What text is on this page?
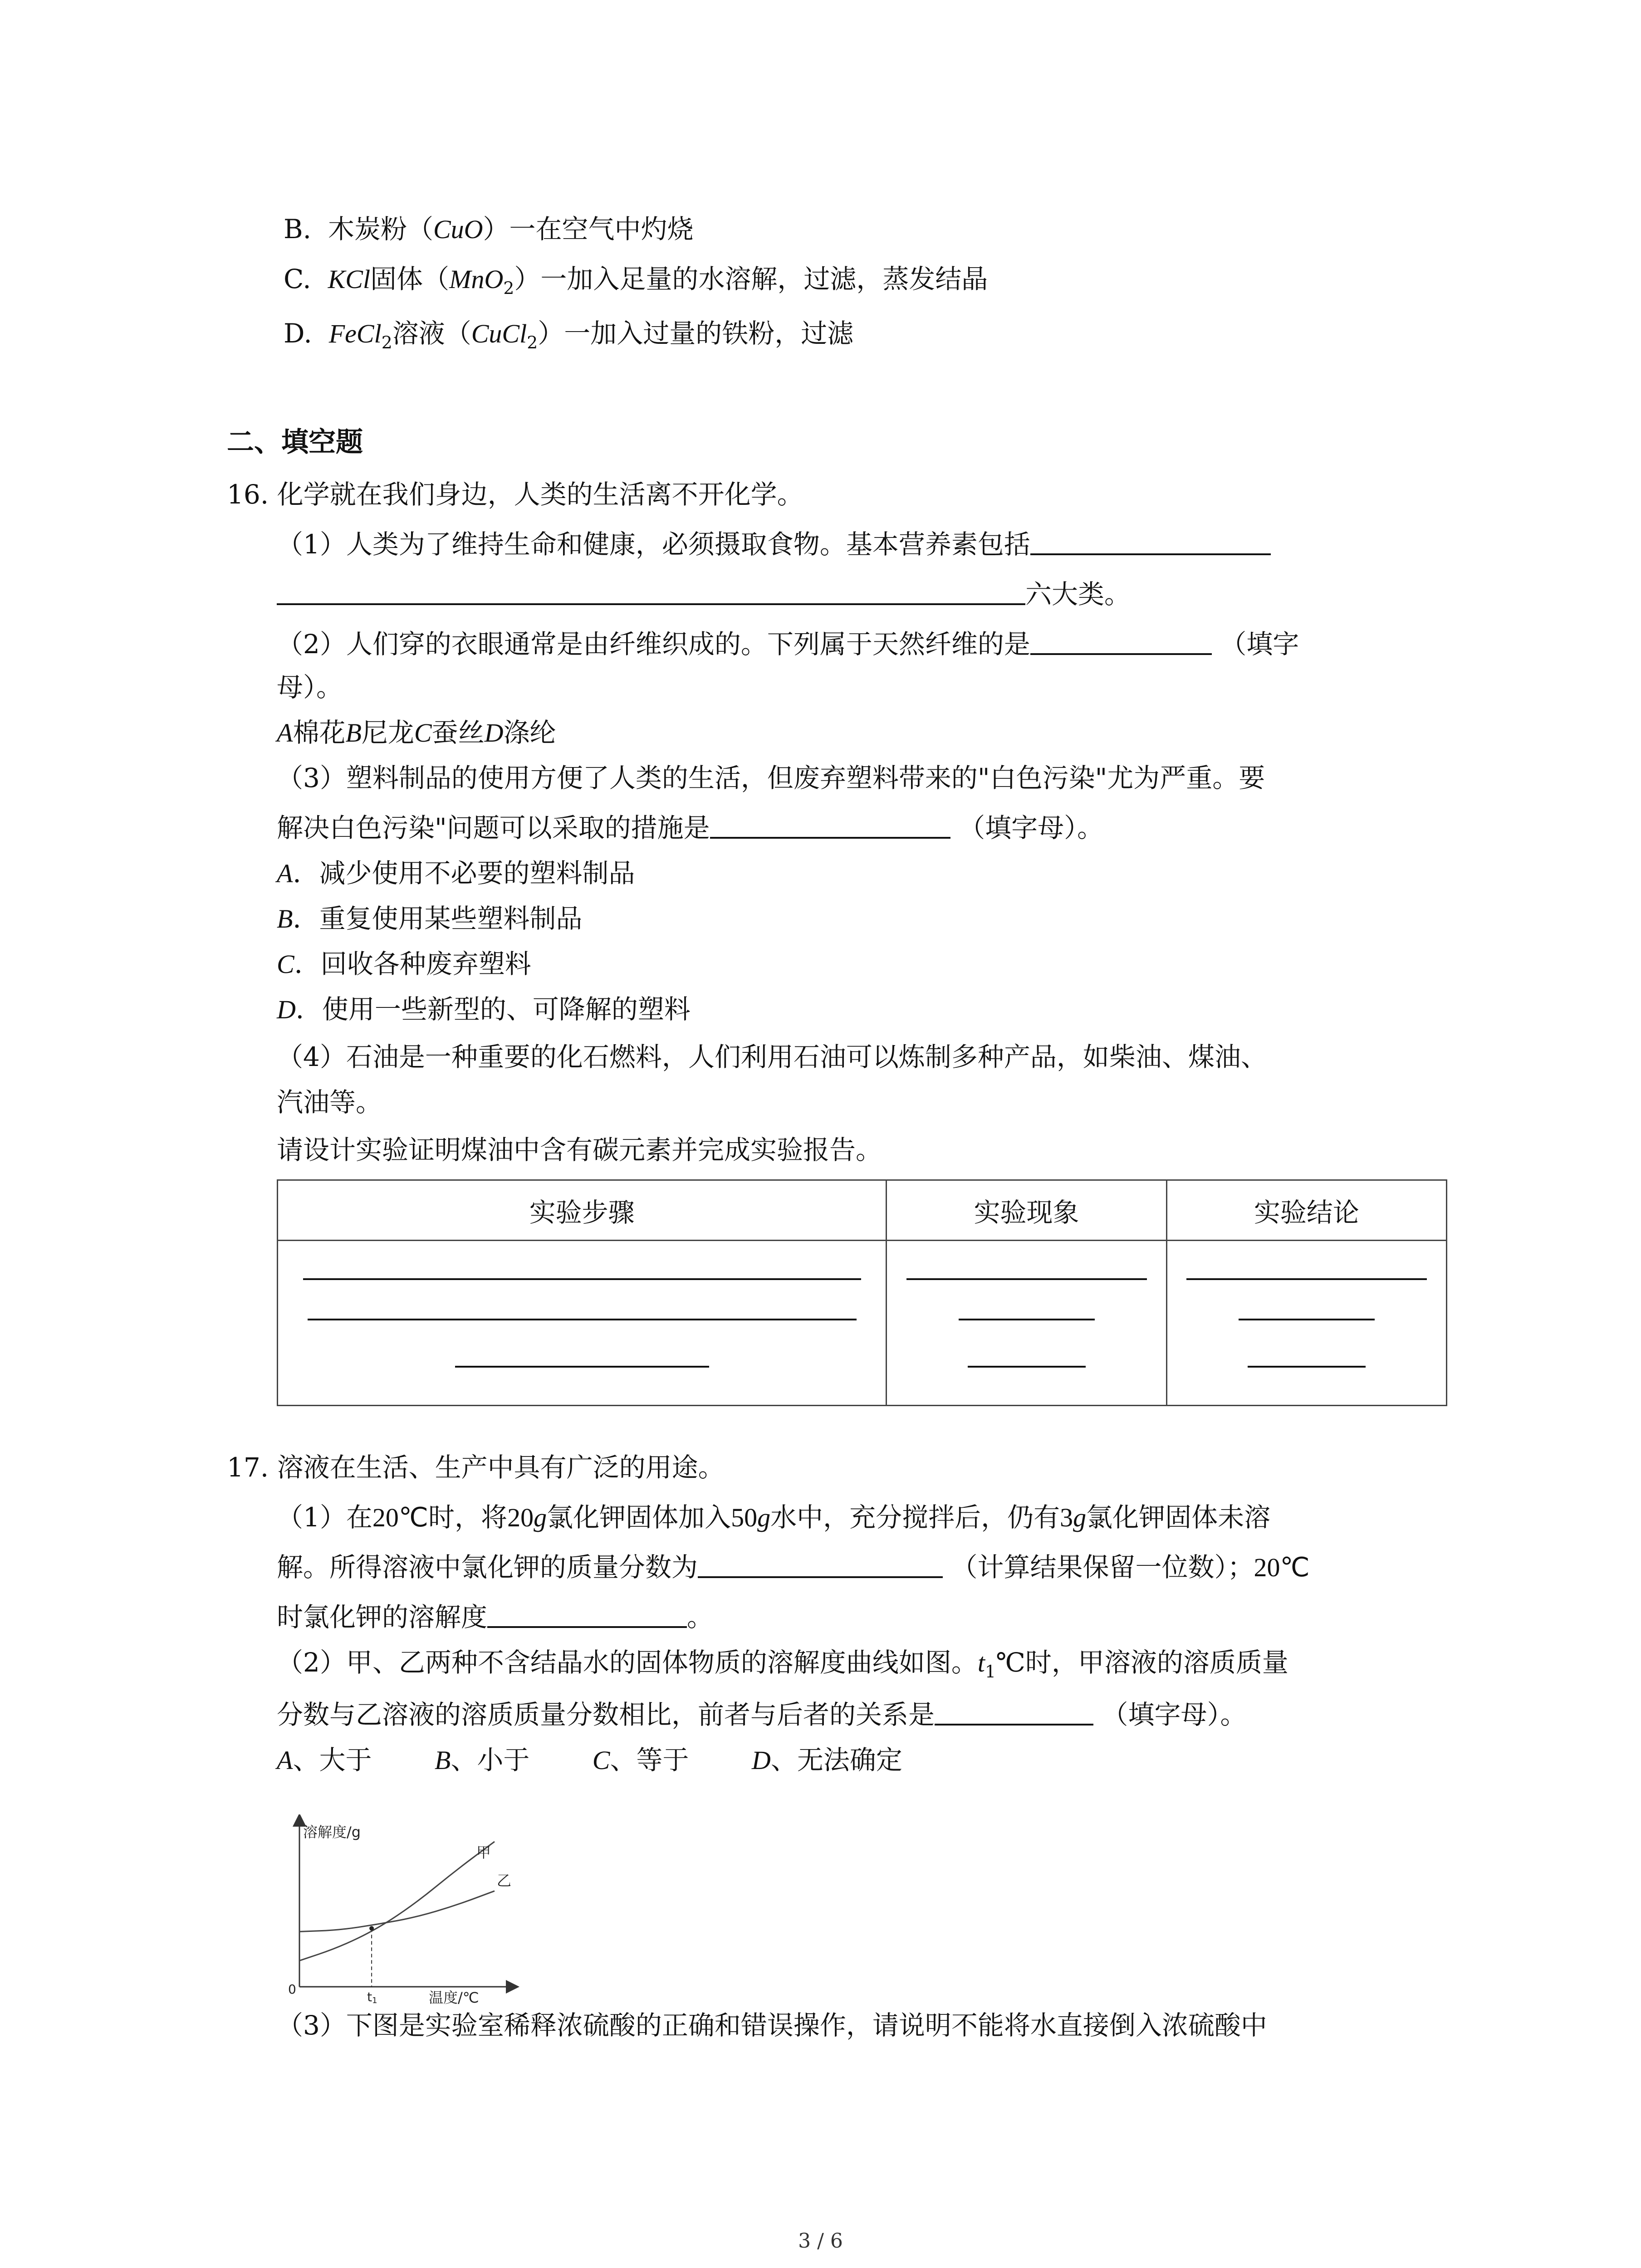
B. 木炭粉（CuO）一在空气中灼烧
C. KCl固体（MnO$_2$）一加入足量的水溶解，过滤，蒸发结晶
D. FeCl$_2$溶液（CuCl$_2$）一加入过量的铁粉，过滤
二、填空题
16. 化学就在我们身边，人类的生活离不开化学。
（1）人类为了维持生命和健康，必须摄取食物。基本营养素包括
六大类。
（2）人们穿的衣眼通常是由纤维织成的。下列属于天然纤维的是	（填字
母）。
A棉花B尼龙C蚕丝D涤纶
（3）塑料制品的使用方便了人类的生活，但废弃塑料带来的"白色污染"尤为严重。要
解决白色污染"问题可以采取的措施是	（填字母）。
A．减少使用不必要的塑料制品
B．重复使用某些塑料制品
C．回收各种废弃塑料
D．使用一些新型的、可降解的塑料
（4）石油是一种重要的化石燃料，人们利用石油可以炼制多种产品，如柴油、煤油、
汽油等。
请设计实验证明煤油中含有碳元素并完成实验报告。
实验步骤	实验现象	实验结论

17. 溶液在生活、生产中具有广泛的用途。
（1）在20℃时，将20g氯化钾固体加入50g水中，充分搅拌后，仍有3g氯化钾固体未溶
解。所得溶液中氯化钾的质量分数为	（计算结果保留一位数）；20℃
时氯化钾的溶解度	。
（2）甲、乙两种不含结晶水的固体物质的溶解度曲线如图。$t_1℃$时，甲溶液的溶质质量
分数与乙溶液的溶质质量分数相比，前者与后者的关系是	（填字母）。
A、大于 B、小于 C、等于 D、无法确定
溶解度/g
温度/℃
0
t1
甲
乙
（3）下图是实验室稀释浓硫酸的正确和错误操作，请说明不能将水直接倒入浓硫酸中
3 / 6
